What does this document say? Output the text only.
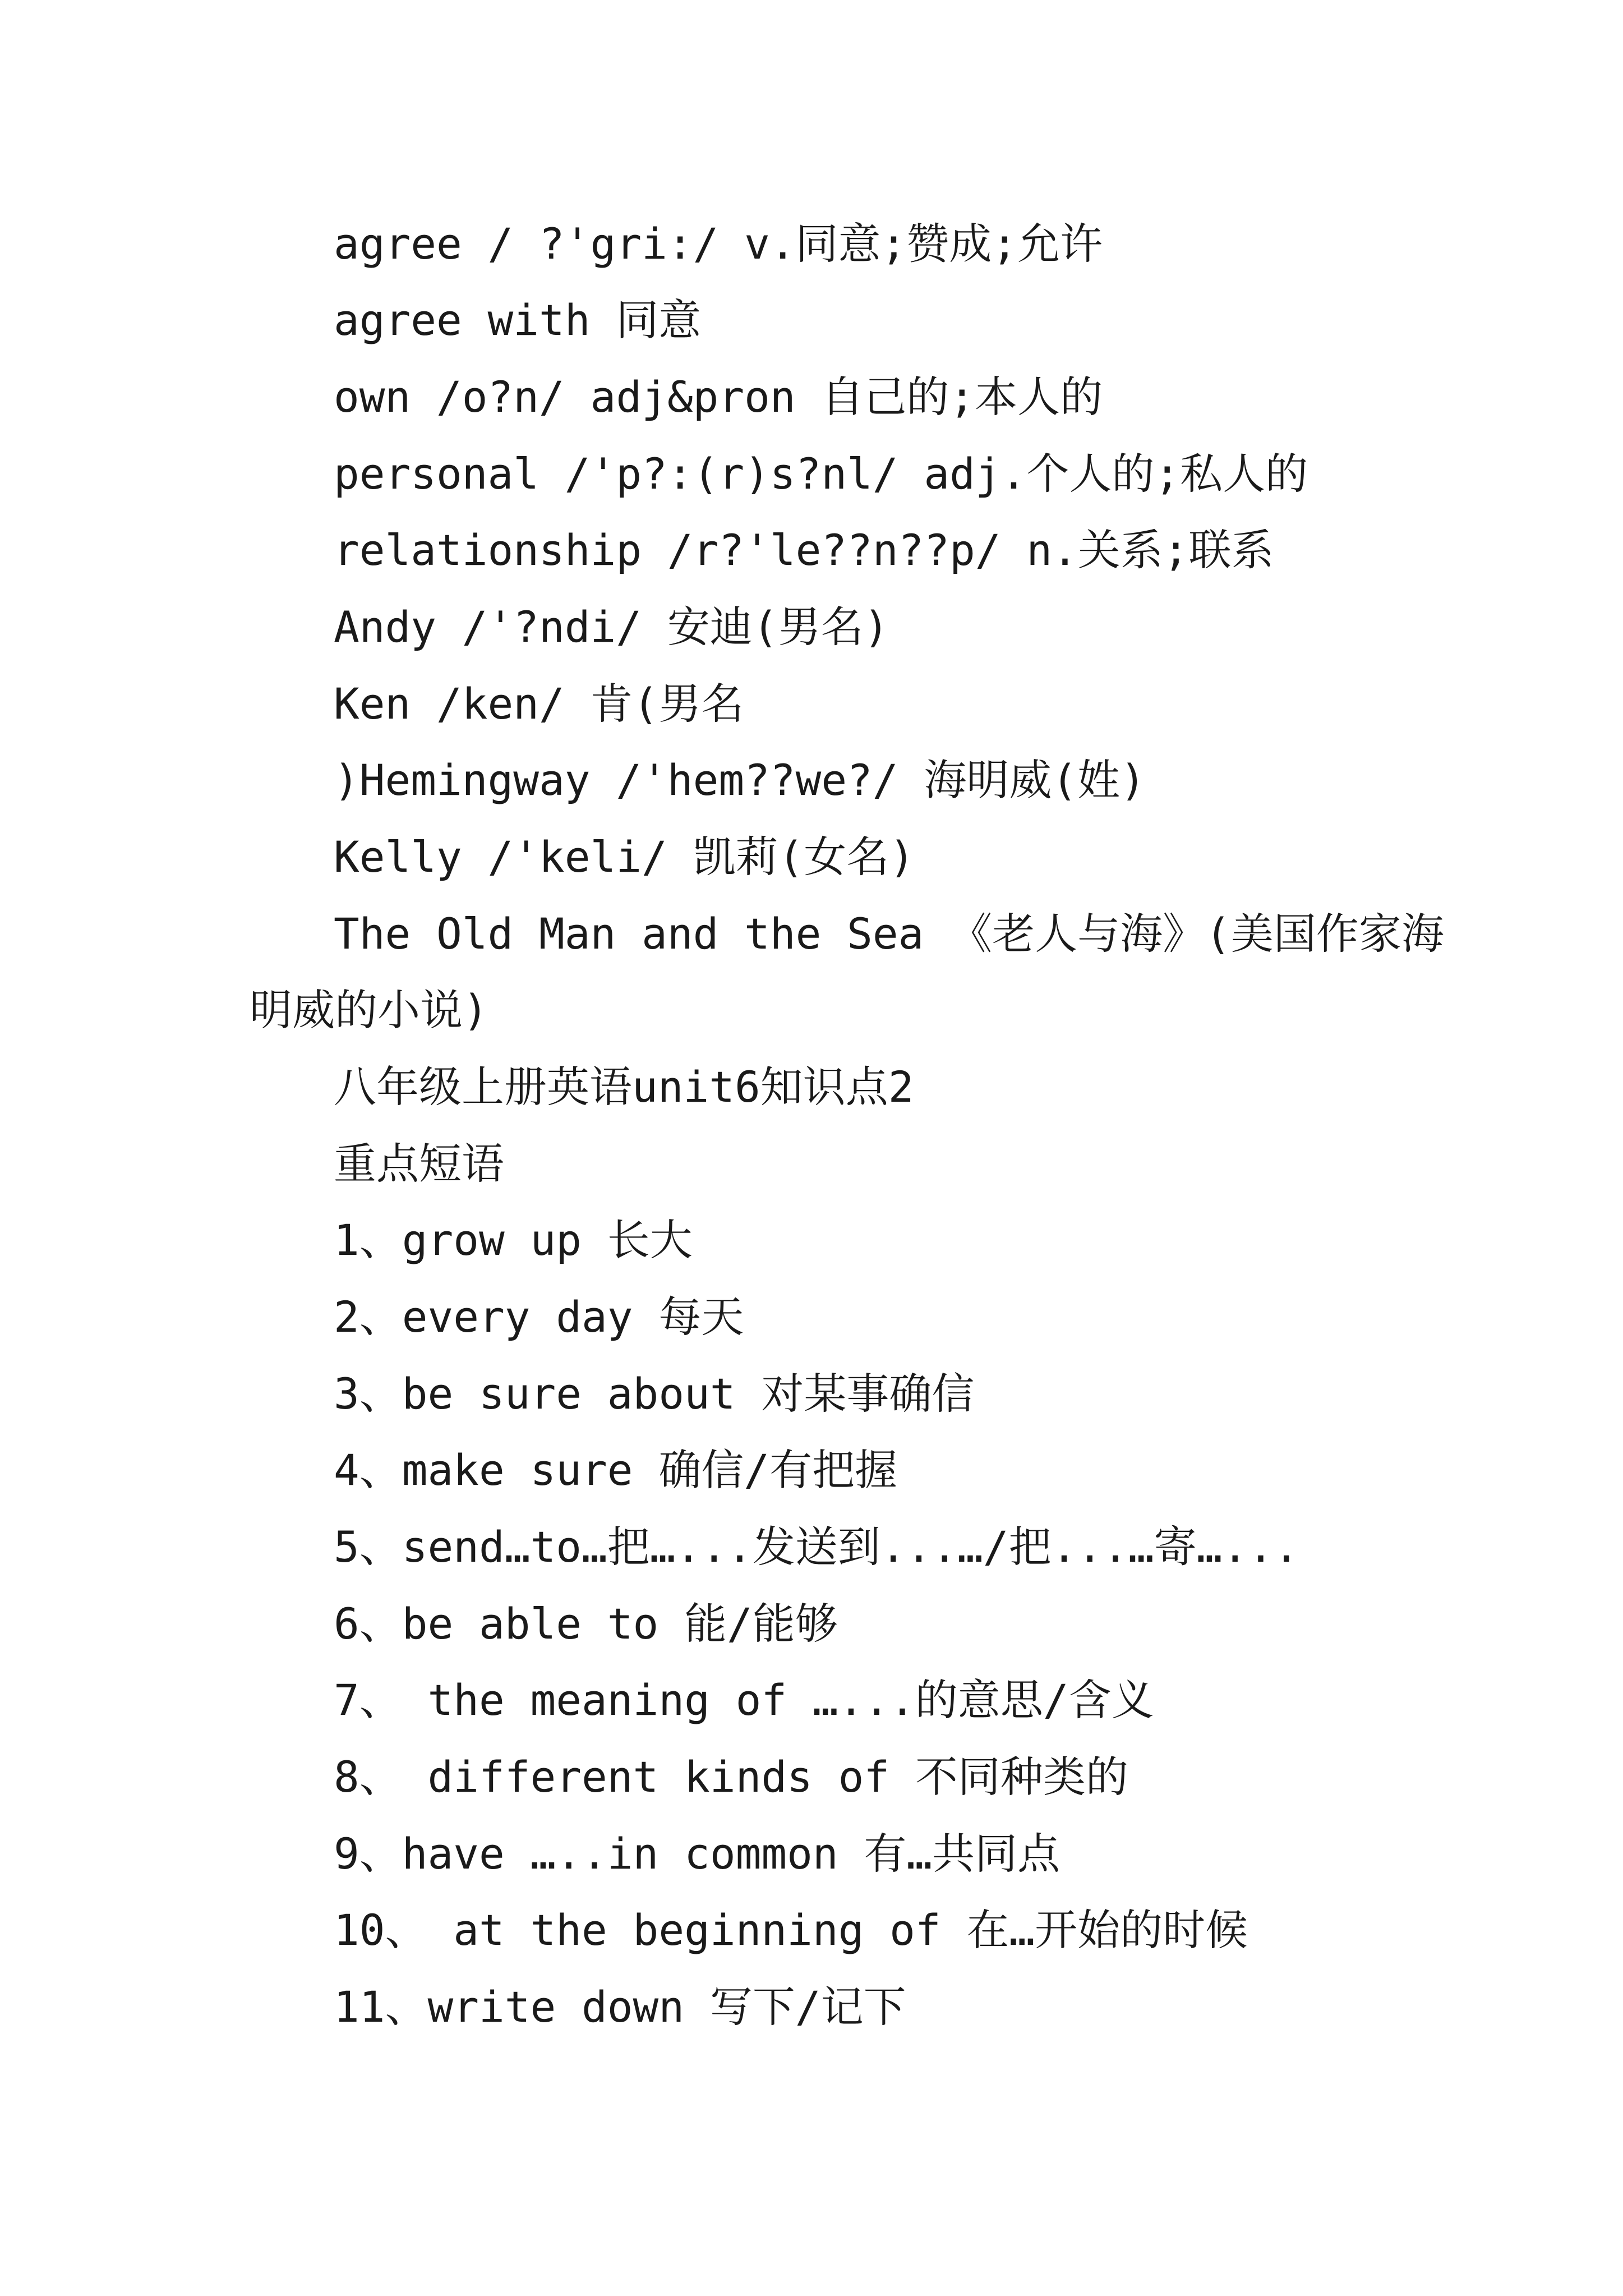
agree / ?'gri:/ v.同意;赞成;允许

agree with 同意

own /o?n/ adj&pron 自己的;本人的

personal /'p?:(r)s?nl/ adj.个人的;私人的

relationship /r?'le??n??p/ n.关系;联系

Andy /'?ndi/ 安迪(男名)

Ken /ken/ 肯(男名

)Hemingway /'hem??we?/ 海明威(姓)

Kelly /'keli/ 凯莉(女名)

The Old Man and the Sea 《老人与海》(美国作家海

明威的小说)

八年级上册英语unit6知识点2

重点短语

1、grow up 长大

2、every day 每天

3、be sure about 对某事确信

4、make sure 确信/有把握

5、send…to…把…...发送到...…/把...…寄…...

6、be able to 能/能够

7、 the meaning of …...的意思/含义

8、 different kinds of 不同种类的

9、have …..in common 有…共同点

10、 at the beginning of 在…开始的时候

11、write down 写下/记下
